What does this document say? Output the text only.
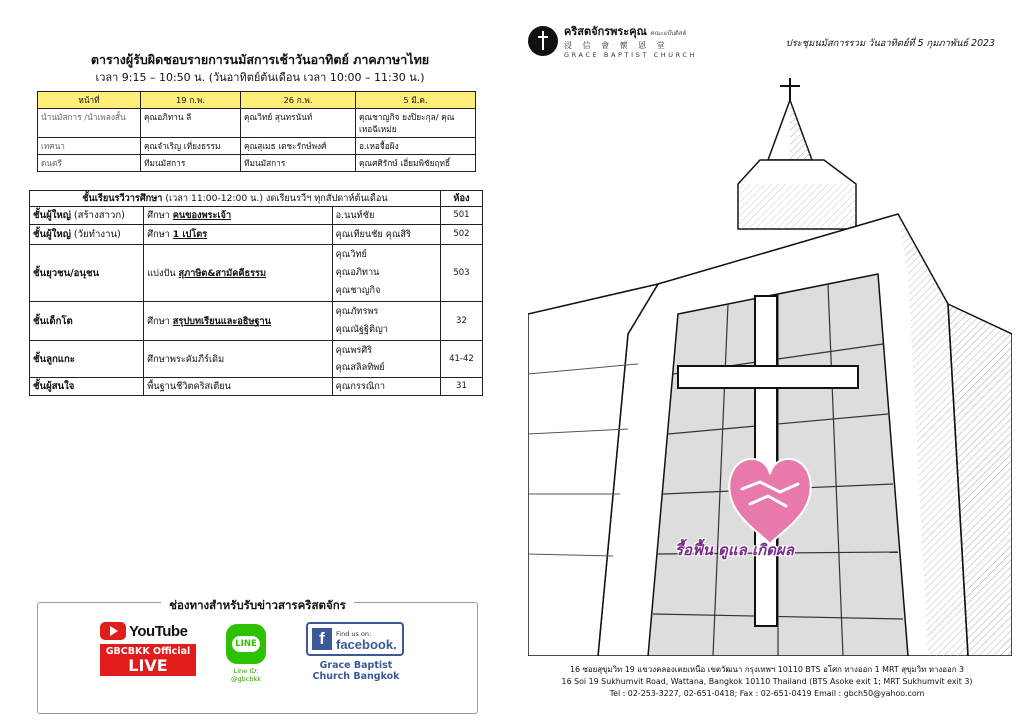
ตารางผู้รับผิดชอบรายการนมัสการเช้าวันอาทิตย์ ภาคภาษาไทย
เวลา 9:15 – 10:50 น. (วันอาทิตย์ต้นเดือน เวลา 10:00 – 11:30 น.)
หน้าที่	19 ก.พ.	26 ก.พ.	5 มี.ค.
นำนมัสการ /นำเพลงสั้น	คุณอภิทาน ลี	คุณวิทย์ สุนทรนันท์	คุณชาญกิจ ยงปิยะกุล/ คุณเหอฉีเหม่ย
เทศนา	คุณจำเริญ เที่ยงธรรม	คุณสุเมธ เตชะรักษ์พงศ์	อ.เหอจื้อผิง
ดนตรี	ทีมนมัสการ	ทีมนมัสการ	คุณศศิรักษ์ เอี่ยมพิชัยฤทธิ์
ชั้นเรียนรวีวารศึกษา (เวลา 11:00-12:00 น.) งดเรียนรวีฯ ทุกสัปดาห์ต้นเดือน			ห้อง
ชั้นผู้ใหญ่ (สร้างสาวก)	ศึกษา คนของพระเจ้า	อ.นนท์ชัย	501
ชั้นผู้ใหญ่ (วัยทำงาน)	ศึกษา 1 เปโตร	คุณเทียนชัย คุณสิริ	502
ชั้นยุวชน/อนุชน	แบ่งปัน สุภาษิต&สามัคคีธรรม	คุณวิทย์
คุณอภิทาน
คุณชาญกิจ	503
ชั้นเด็กโต	ศึกษา สรุปบทเรียนและอธิษฐาน	คุณภัทรพร
คุณณัฐฐิติญา	32
ชั้นลูกแกะ	ศึกษาพระคัมภีร์เดิม	คุณพรศิริ
คุณสลิลทิพย์	41-42
ชั้นผู้สนใจ	พื้นฐานชีวิตคริสเตียน	คุณกรรณิกา	31
ช่องทางสำหรับรับข่าวสารคริสตจักร
YouTube
GBCBKK Official
LIVE
LINE
Line ID:
@gbcbkk
f	Find us on:
facebook.
Grace Baptist
Church Bangkok
คริสตจักรพระคุณ คณะแบ๊บติสต์
浸 信 會 懷 恩 堂
GRACE BAPTIST CHURCH
ประชุมนมัสการรวม วันอาทิตย์ที่ 5 กุมภาพันธ์ 2023
รื้อฟื้น ดูแล เกิดผล
16 ซอยสุขุมวิท 19 แขวงคลองเตยเหนือ เขตวัฒนา กรุงเทพฯ 10110 BTS อโศก ทางออก 1 MRT สุขุมวิท ทางออก 3
16 Soi 19 Sukhumvit Road, Wattana, Bangkok 10110 Thailand (BTS Asoke exit 1; MRT Sukhumvit exit 3)
Tel : 02-253-3227, 02-651-0418; Fax : 02-651-0419 Email : gbch50@yahoo.com
